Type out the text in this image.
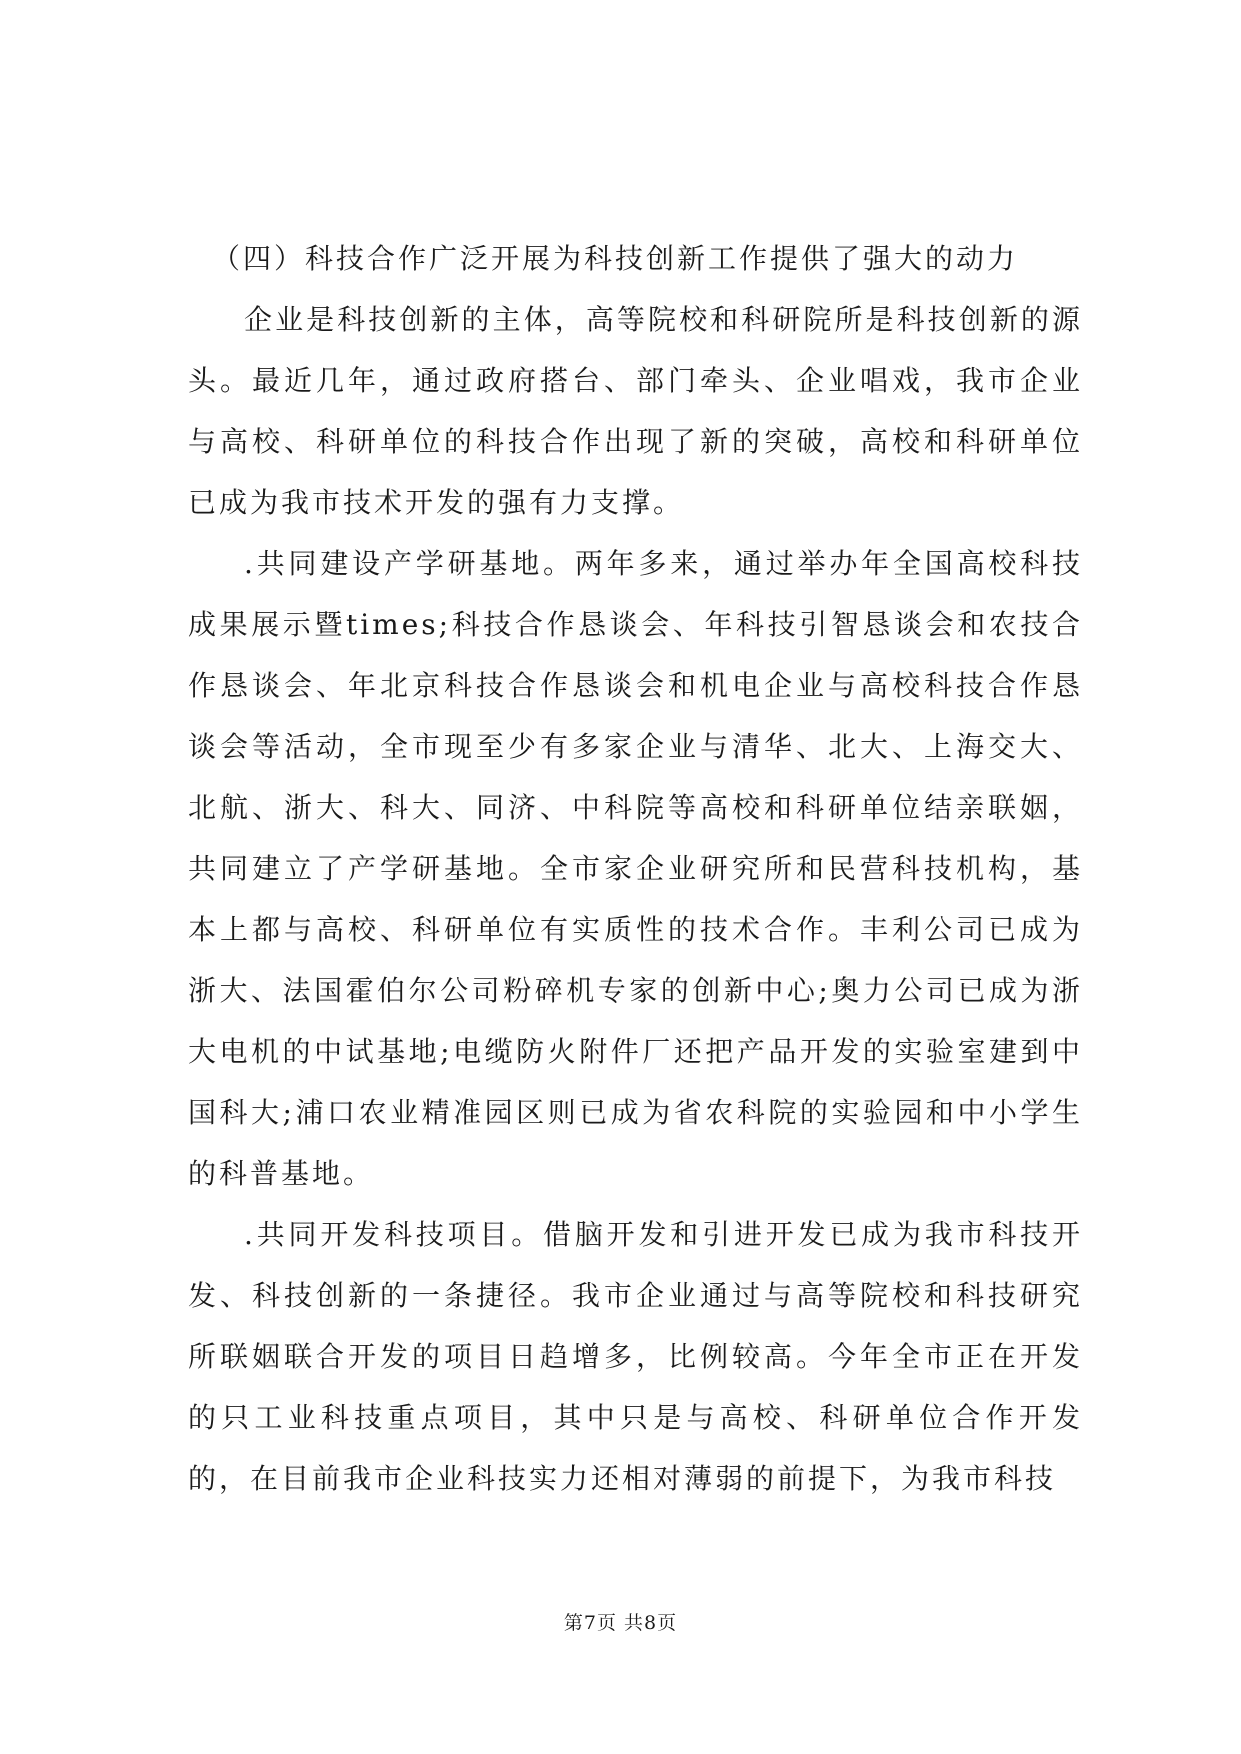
（四）科技合作广泛开展为科技创新工作提供了强大的动力

企业是科技创新的主体，高等院校和科研院所是科技创新的源头。最近几年，通过政府搭台、部门牵头、企业唱戏，我市企业与高校、科研单位的科技合作出现了新的突破，高校和科研单位已成为我市技术开发的强有力支撑。

.共同建设产学研基地。两年多来，通过举办年全国高校科技成果展示暨times;科技合作恳谈会、年科技引智恳谈会和农技合作恳谈会、年北京科技合作恳谈会和机电企业与高校科技合作恳谈会等活动，全市现至少有多家企业与清华、北大、上海交大、北航、浙大、科大、同济、中科院等高校和科研单位结亲联姻，共同建立了产学研基地。全市家企业研究所和民营科技机构，基本上都与高校、科研单位有实质性的技术合作。丰利公司已成为浙大、法国霍伯尔公司粉碎机专家的创新中心;奥力公司已成为浙大电机的中试基地;电缆防火附件厂还把产品开发的实验室建到中国科大;浦口农业精准园区则已成为省农科院的实验园和中小学生的科普基地。

.共同开发科技项目。借脑开发和引进开发已成为我市科技开发、科技创新的一条捷径。我市企业通过与高等院校和科技研究所联姻联合开发的项目日趋增多，比例较高。今年全市正在开发的只工业科技重点项目，其中只是与高校、科研单位合作开发的，在目前我市企业科技实力还相对薄弱的前提下，为我市科技

第7页 共8页
